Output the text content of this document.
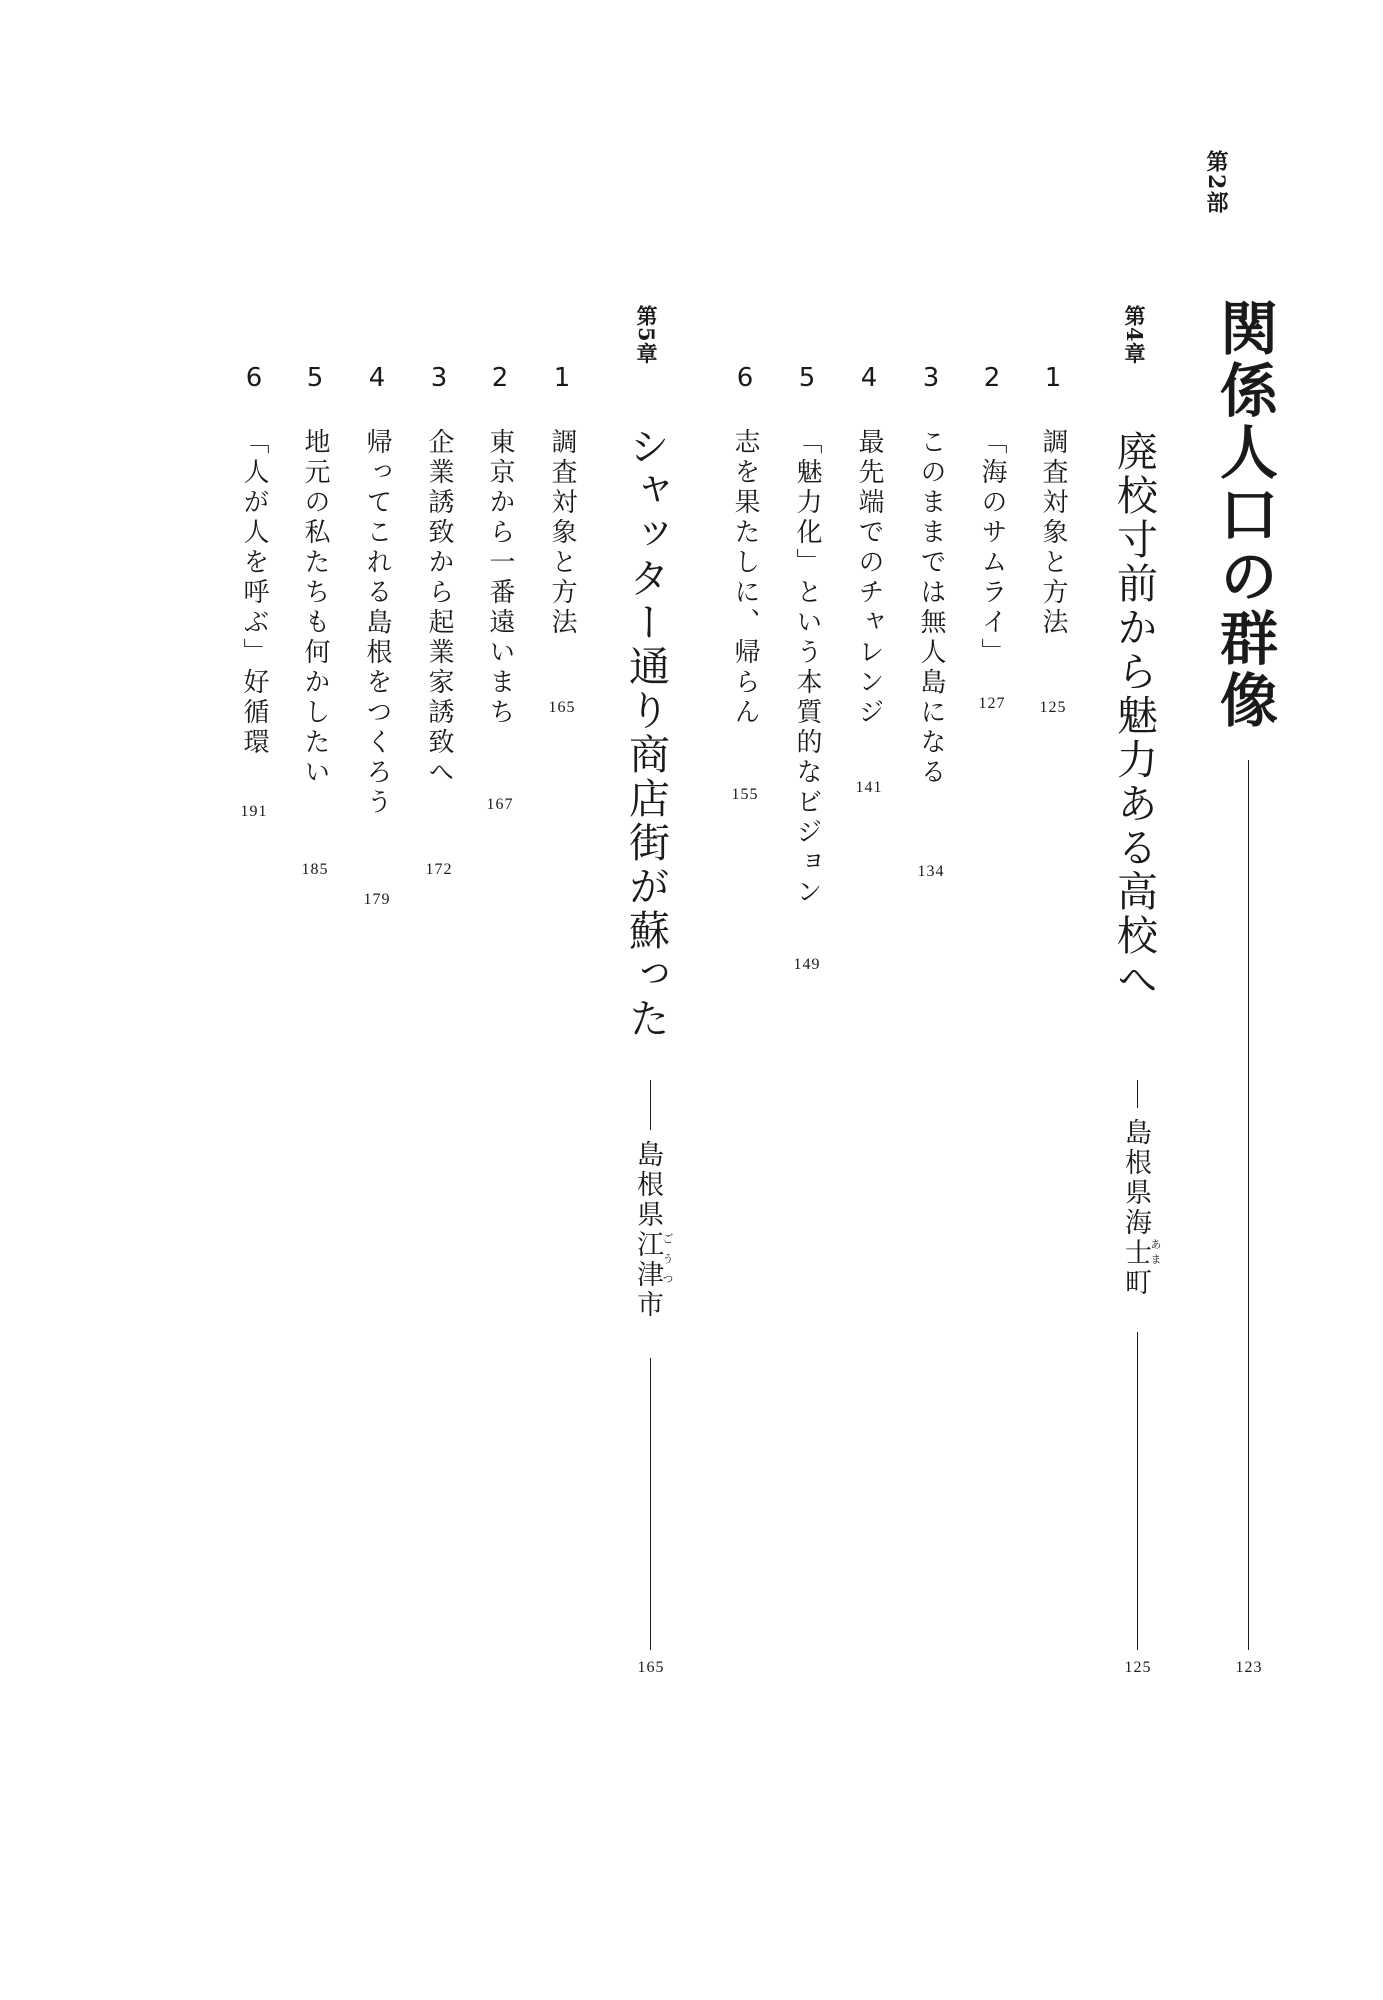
第2部
関係人口の群像
123
第4章
廃校寸前から魅力ある高校へ
島根県海士あま町
125
1
調査対象と方法
125
2
「海のサムライ」
127
3
このままでは無人島になる
134
4
最先端でのチャレンジ
141
5
「魅力化」という本質的なビジョン
149
6
志を果たしに、帰らん
155
第5章
シャッター通り商店街が蘇った
島根県江津ごうつ市
165
1
調査対象と方法
165
2
東京から一番遠いまち
167
3
企業誘致から起業家誘致へ
172
4
帰ってこれる島根をつくろう
179
5
地元の私たちも何かしたい
185
6
「人が人を呼ぶ」好循環
191
